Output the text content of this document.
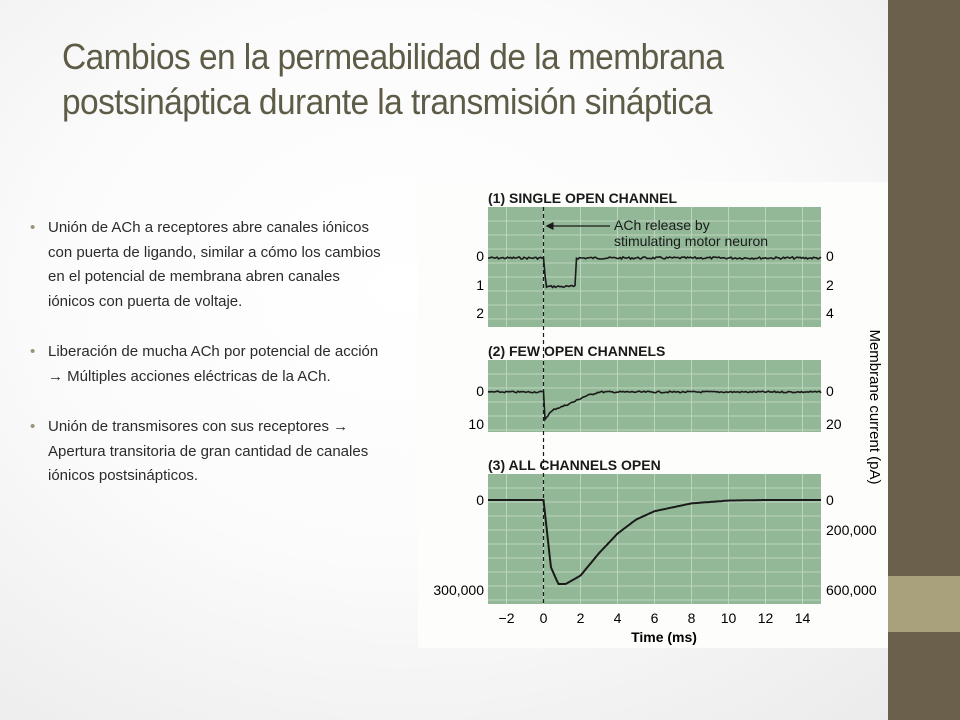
Cambios en la permeabilidad de la membrana
postsináptica durante la transmisión sináptica
• Unión de ACh a receptores abre canales iónicos con puerta de ligando, similar a cómo los cambios en el potencial de membrana abren canales iónicos con puerta de voltaje.
• Liberación de mucha ACh por potencial de acción → Múltiples acciones eléctricas de la ACh.
• Unión de transmisores con sus receptores → Apertura transitoria de gran cantidad de canales iónicos postsinápticos.
(1) SINGLE OPEN CHANNEL
(2) FEW OPEN CHANNELS
(3) ALL CHANNELS OPEN
0
1
2
0
2
4
0
10
0
20
0
300,000
0
200,000
600,000
−2 0 2 4 6 8 10 12 14
Time (ms)
Membrane current (pA)
ACh release by
stimulating motor neuron
